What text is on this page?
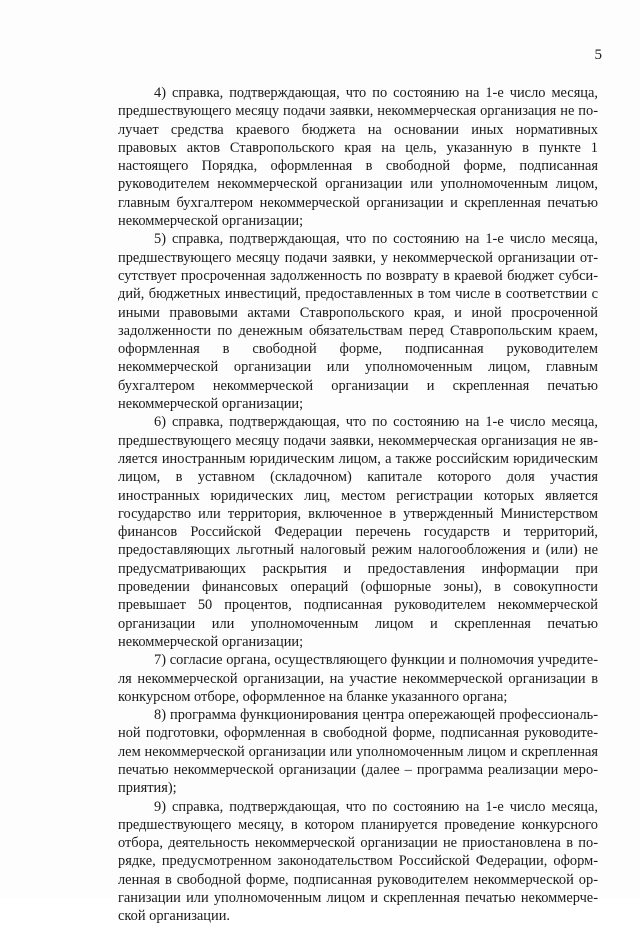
5

4) справка, подтверждающая, что по состоянию на 1-е число месяца, предшествующего месяцу подачи заявки, некоммерческая организация не получает средства краевого бюджета на основании иных нормативных правовых актов Ставропольского края на цель, указанную в пункте 1 настоящего Порядка, оформленная в свободной форме, подписанная руководителем некоммерческой организации или уполномоченным лицом, главным бухгалтером некоммерческой организации и скрепленная печатью некоммерческой организации;

5) справка, подтверждающая, что по состоянию на 1-е число месяца, предшествующего месяцу подачи заявки, у некоммерческой организации отсутствует просроченная задолженность по возврату в краевой бюджет субсидий, бюджетных инвестиций, предоставленных в том числе в соответствии с иными правовыми актами Ставропольского края, и иной просроченной задолженности по денежным обязательствам перед Ставропольским краем, оформленная в свободной форме, подписанная руководителем некоммерческой организации или уполномоченным лицом, главным бухгалтером некоммерческой организации и скрепленная печатью некоммерческой организации;

6) справка, подтверждающая, что по состоянию на 1-е число месяца, предшествующего месяцу подачи заявки, некоммерческая организация не является иностранным юридическим лицом, а также российским юридическим лицом, в уставном (складочном) капитале которого доля участия иностранных юридических лиц, местом регистрации которых является государство или территория, включенное в утвержденный Министерством финансов Российской Федерации перечень государств и территорий, предоставляющих льготный налоговый режим налогообложения и (или) не предусматривающих раскрытия и предоставления информации при проведении финансовых операций (офшорные зоны), в совокупности превышает 50 процентов, подписанная руководителем некоммерческой организации или уполномоченным лицом и скрепленная печатью некоммерческой организации;

7) согласие органа, осуществляющего функции и полномочия учредителя некоммерческой организации, на участие некоммерческой организации в конкурсном отборе, оформленное на бланке указанного органа;

8) программа функционирования центра опережающей профессиональной подготовки, оформленная в свободной форме, подписанная руководителем некоммерческой организации или уполномоченным лицом и скрепленная печатью некоммерческой организации (далее – программа реализации мероприятия);

9) справка, подтверждающая, что по состоянию на 1-е число месяца, предшествующего месяцу, в котором планируется проведение конкурсного отбора, деятельность некоммерческой организации не приостановлена в порядке, предусмотренном законодательством Российской Федерации, оформленная в свободной форме, подписанная руководителем некоммерческой организации или уполномоченным лицом и скрепленная печатью некоммерческой организации.
